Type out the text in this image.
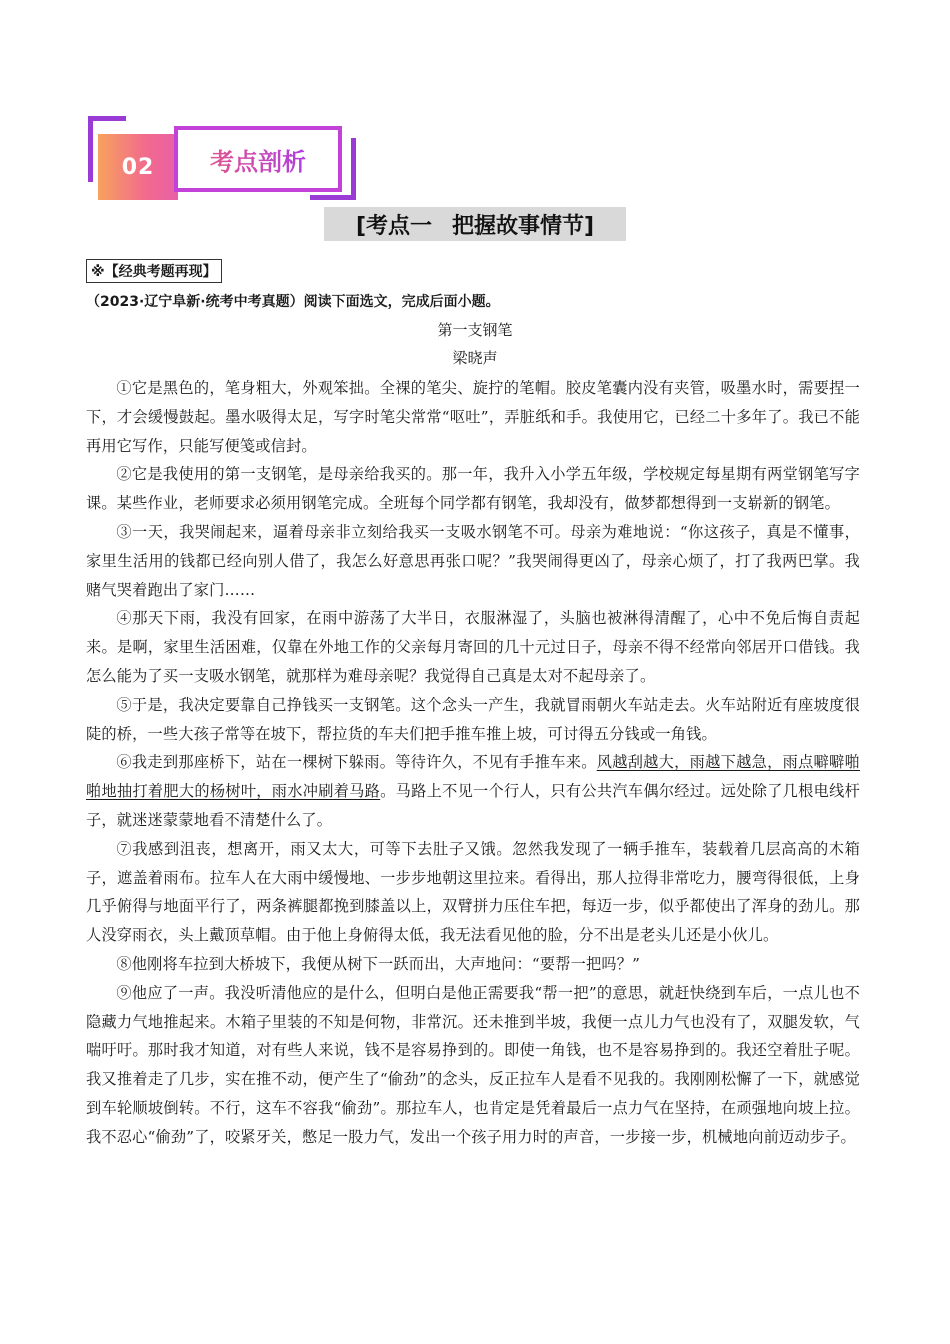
02	考点剖析
[考点一 把握故事情节]
※【经典考题再现】
（2023·辽宁阜新·统考中考真题）阅读下面选文，完成后面小题。
第一支钢笔
梁晓声

①它是黑色的，笔身粗大，外观笨拙。全裸的笔尖、旋拧的笔帽。胶皮笔囊内没有夹管，吸墨水时，需要捏一下，才会缓慢鼓起。墨水吸得太足，写字时笔尖常常“呕吐”，弄脏纸和手。我使用它，已经二十多年了。我已不能再用它写作，只能写便笺或信封。

②它是我使用的第一支钢笔，是母亲给我买的。那一年，我升入小学五年级，学校规定每星期有两堂钢笔写字课。某些作业，老师要求必须用钢笔完成。全班每个同学都有钢笔，我却没有，做梦都想得到一支崭新的钢笔。

③一天，我哭闹起来，逼着母亲非立刻给我买一支吸水钢笔不可。母亲为难地说：“你这孩子，真是不懂事，家里生活用的钱都已经向别人借了，我怎么好意思再张口呢？”我哭闹得更凶了，母亲心烦了，打了我两巴掌。我赌气哭着跑出了家门……

④那天下雨，我没有回家，在雨中游荡了大半日，衣服淋湿了，头脑也被淋得清醒了，心中不免后悔自责起来。是啊，家里生活困难，仅靠在外地工作的父亲每月寄回的几十元过日子，母亲不得不经常向邻居开口借钱。我怎么能为了买一支吸水钢笔，就那样为难母亲呢？我觉得自己真是太对不起母亲了。

⑤于是，我决定要靠自己挣钱买一支钢笔。这个念头一产生，我就冒雨朝火车站走去。火车站附近有座坡度很陡的桥，一些大孩子常等在坡下，帮拉货的车夫们把手推车推上坡，可讨得五分钱或一角钱。

⑥我走到那座桥下，站在一棵树下躲雨。等待许久，不见有手推车来。风越刮越大，雨越下越急，雨点噼噼啪啪地抽打着肥大的杨树叶，雨水冲刷着马路。马路上不见一个行人，只有公共汽车偶尔经过。远处除了几根电线杆子，就迷迷蒙蒙地看不清楚什么了。

⑦我感到沮丧，想离开，雨又太大，可等下去肚子又饿。忽然我发现了一辆手推车，装载着几层高高的木箱子，遮盖着雨布。拉车人在大雨中缓慢地、一步步地朝这里拉来。看得出，那人拉得非常吃力，腰弯得很低，上身几乎俯得与地面平行了，两条裤腿都挽到膝盖以上，双臂拼力压住车把，每迈一步，似乎都使出了浑身的劲儿。那人没穿雨衣，头上戴顶草帽。由于他上身俯得太低，我无法看见他的脸，分不出是老头儿还是小伙儿。

⑧他刚将车拉到大桥坡下，我便从树下一跃而出，大声地问：“要帮一把吗？”

⑨他应了一声。我没听清他应的是什么，但明白是他正需要我“帮一把”的意思，就赶快绕到车后，一点儿也不隐藏力气地推起来。木箱子里装的不知是何物，非常沉。还未推到半坡，我便一点儿力气也没有了，双腿发软，气喘吁吁。那时我才知道，对有些人来说，钱不是容易挣到的。即使一角钱，也不是容易挣到的。我还空着肚子呢。我又推着走了几步，实在推不动，便产生了“偷劲”的念头，反正拉车人是看不见我的。我刚刚松懈了一下，就感觉到车轮顺坡倒转。不行，这车不容我“偷劲”。那拉车人，也肯定是凭着最后一点力气在坚持，在顽强地向坡上拉。我不忍心“偷劲”了，咬紧牙关，憋足一股力气，发出一个孩子用力时的声音，一步接一步，机械地向前迈动步子。
